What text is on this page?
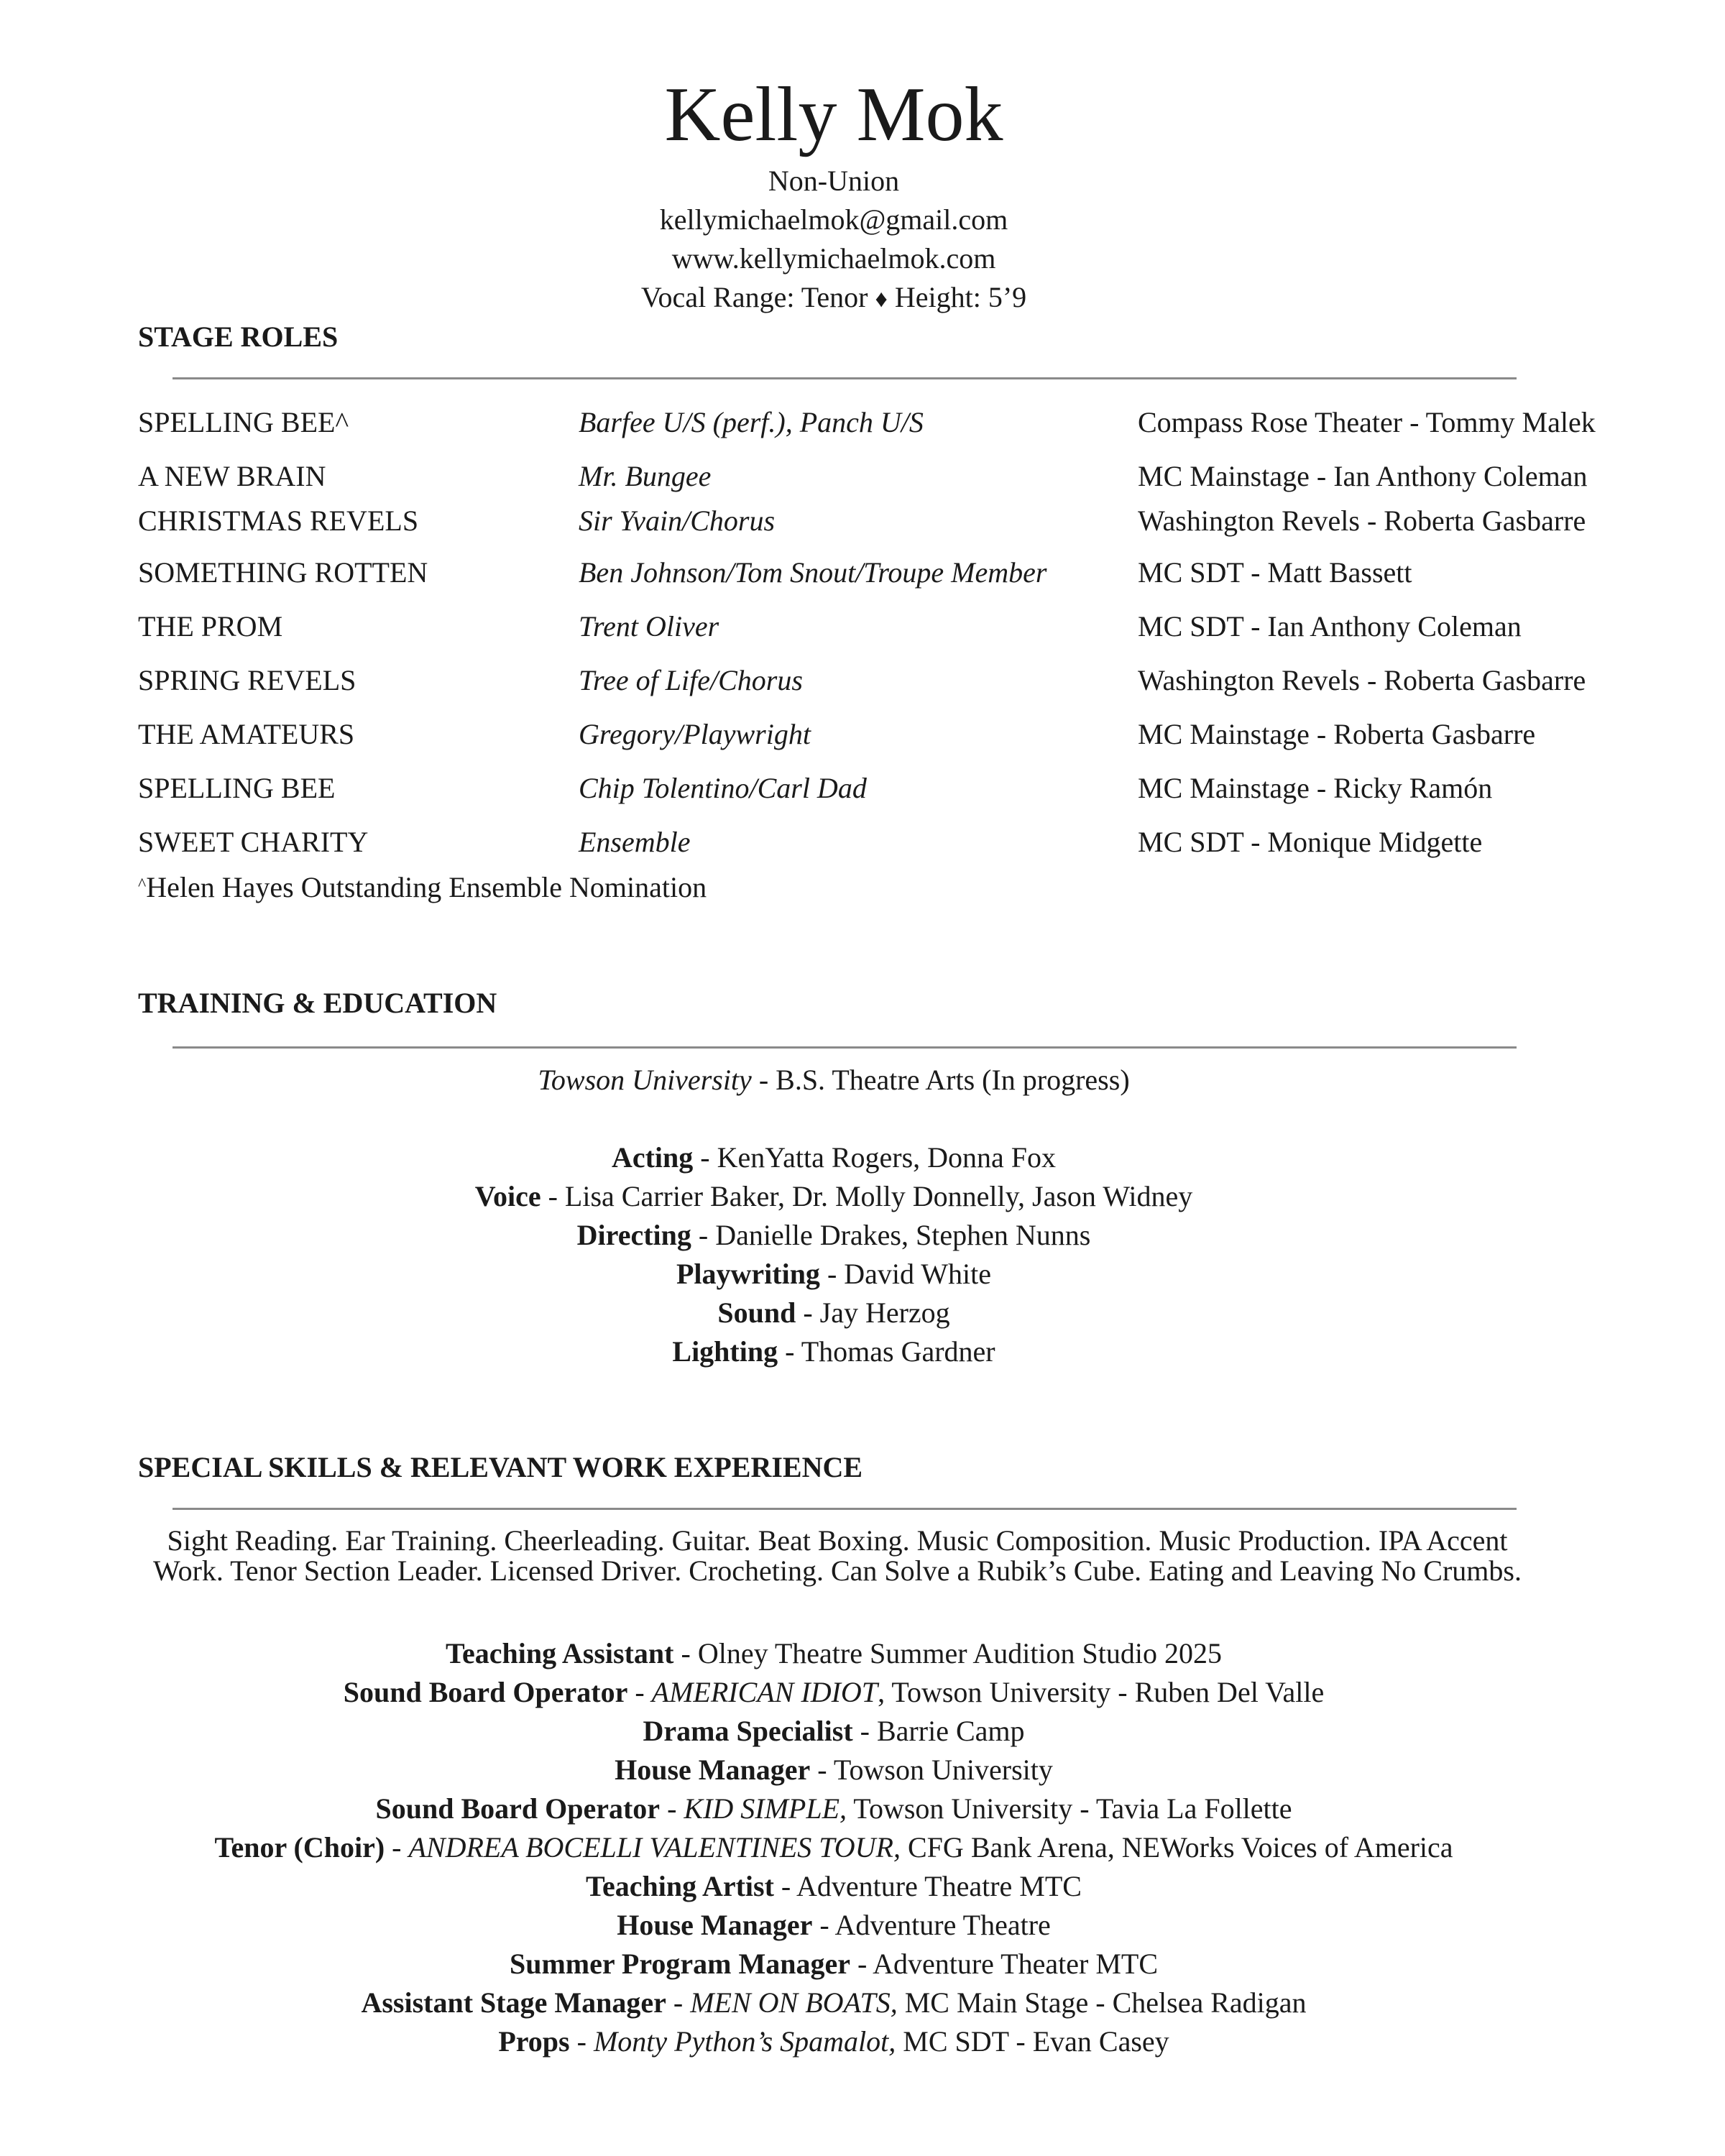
Kelly Mok
Non-Union
kellymichaelmok@gmail.com
www.kellymichaelmok.com
Vocal Range: Tenor ♦ Height: 5’9
STAGE ROLES
SPELLING BEE^	Barfee U/S (perf.), Panch U/S	Compass Rose Theater - Tommy Malek
A NEW BRAIN	Mr. Bungee	MC Mainstage - Ian Anthony Coleman
CHRISTMAS REVELS	Sir Yvain/Chorus	Washington Revels - Roberta Gasbarre
SOMETHING ROTTEN	Ben Johnson/Tom Snout/Troupe Member	MC SDT - Matt Bassett
THE PROM	Trent Oliver	MC SDT - Ian Anthony Coleman
SPRING REVELS	Tree of Life/Chorus	Washington Revels - Roberta Gasbarre
THE AMATEURS	Gregory/Playwright	MC Mainstage - Roberta Gasbarre
SPELLING BEE	Chip Tolentino/Carl Dad	MC Mainstage - Ricky Ramón
SWEET CHARITY	Ensemble	MC SDT - Monique Midgette
^Helen Hayes Outstanding Ensemble Nomination
TRAINING & EDUCATION
Towson University - B.S. Theatre Arts (In progress)
Acting - KenYatta Rogers, Donna Fox
Voice - Lisa Carrier Baker, Dr. Molly Donnelly, Jason Widney
Directing - Danielle Drakes, Stephen Nunns
Playwriting - David White
Sound - Jay Herzog
Lighting - Thomas Gardner
SPECIAL SKILLS & RELEVANT WORK EXPERIENCE
Sight Reading. Ear Training. Cheerleading. Guitar. Beat Boxing. Music Composition. Music Production. IPA Accent Work. Tenor Section Leader. Licensed Driver. Crocheting. Can Solve a Rubik’s Cube. Eating and Leaving No Crumbs.
Teaching Assistant - Olney Theatre Summer Audition Studio 2025
Sound Board Operator - AMERICAN IDIOT, Towson University - Ruben Del Valle
Drama Specialist - Barrie Camp
House Manager - Towson University
Sound Board Operator - KID SIMPLE, Towson University - Tavia La Follette
Tenor (Choir) - ANDREA BOCELLI VALENTINES TOUR, CFG Bank Arena, NEWorks Voices of America
Teaching Artist - Adventure Theatre MTC
House Manager - Adventure Theatre
Summer Program Manager - Adventure Theater MTC
Assistant Stage Manager - MEN ON BOATS, MC Main Stage - Chelsea Radigan
Props - Monty Python’s Spamalot, MC SDT - Evan Casey
